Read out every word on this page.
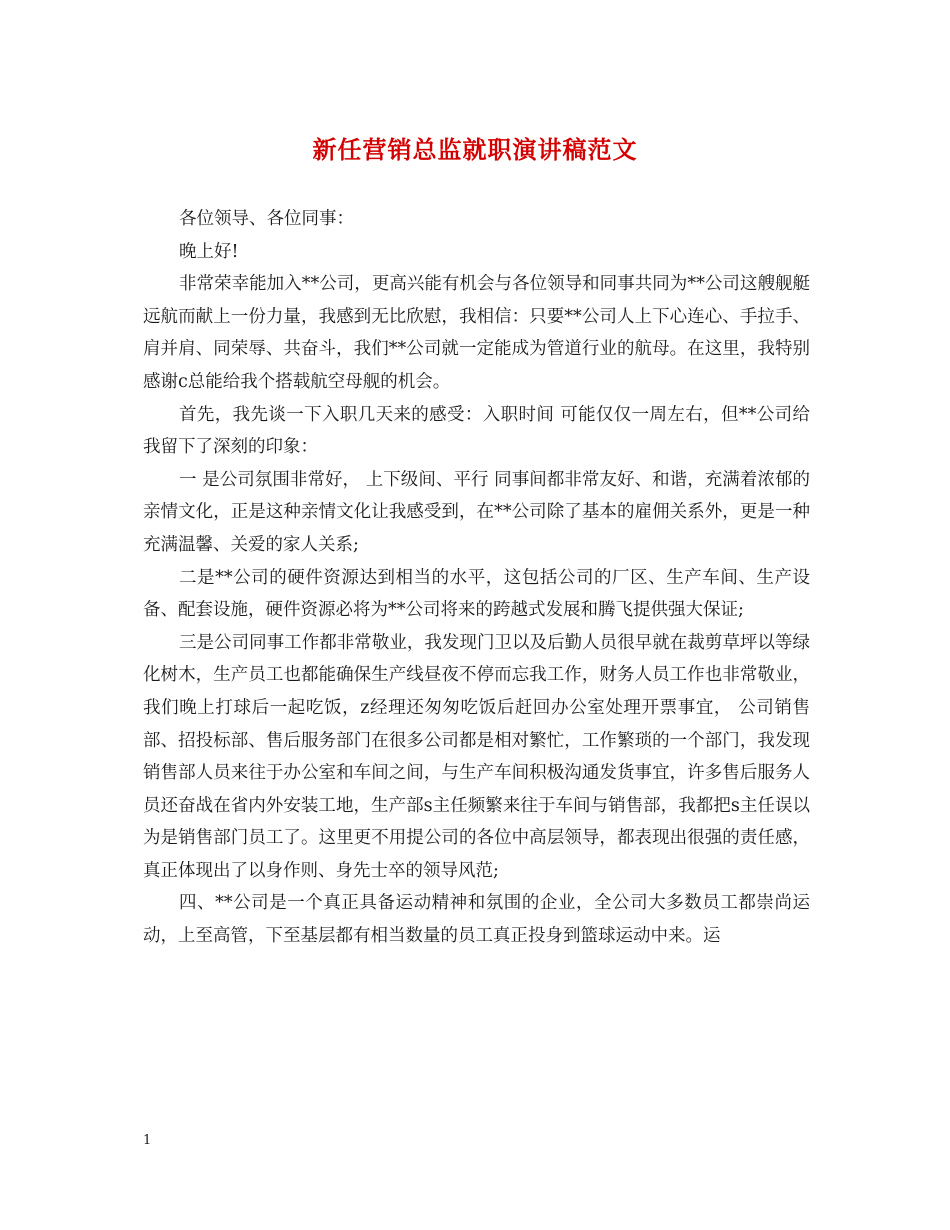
新任营销总监就职演讲稿范文

各位领导、各位同事：

晚上好!

非常荣幸能加入**公司，更高兴能有机会与各位领导和同事共同为**公司这艘舰艇远航而献上一份力量，我感到无比欣慰，我相信：只要**公司人上下心连心、手拉手、肩并肩、同荣辱、共奋斗，我们**公司就一定能成为管道行业的航母。在这里，我特别感谢c总能给我个搭载航空母舰的机会。

首先，我先谈一下入职几天来的感受：入职时间 可能仅仅一周左右，但**公司给我留下了深刻的印象：

一 是公司氛围非常好， 上下级间、平行 同事间都非常友好、和谐，充满着浓郁的亲情文化，正是这种亲情文化让我感受到，在**公司除了基本的雇佣关系外，更是一种充满温馨、关爱的家人关系;

二是**公司的硬件资源达到相当的水平，这包括公司的厂区、生产车间、生产设备、配套设施，硬件资源必将为**公司将来的跨越式发展和腾飞提供强大保证;

三是公司同事工作都非常敬业，我发现门卫以及后勤人员很早就在裁剪草坪以等绿化树木，生产员工也都能确保生产线昼夜不停而忘我工作，财务人员工作也非常敬业，我们晚上打球后一起吃饭，z经理还匆匆吃饭后赶回办公室处理开票事宜， 公司销售部、招投标部、售后服务部门在很多公司都是相对繁忙，工作繁琐的一个部门，我发现销售部人员来往于办公室和车间之间，与生产车间积极沟通发货事宜，许多售后服务人员还奋战在省内外安装工地，生产部s主任频繁来往于车间与销售部，我都把s主任误以为是销售部门员工了。这里更不用提公司的各位中高层领导，都表现出很强的责任感，真正体现出了以身作则、身先士卒的领导风范;

四、**公司是一个真正具备运动精神和氛围的企业，全公司大多数员工都崇尚运动，上至高管，下至基层都有相当数量的员工真正投身到篮球运动中来。运

1
